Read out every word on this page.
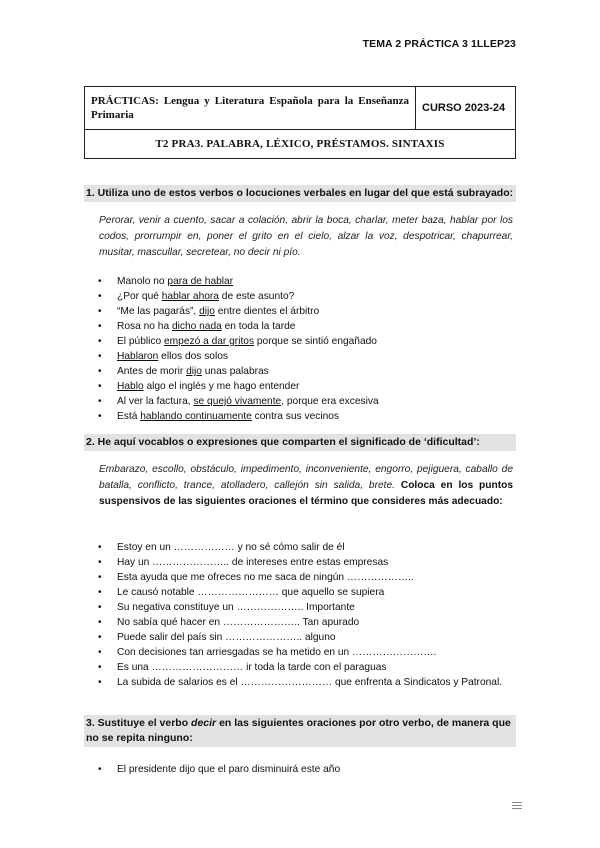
TEMA 2 PRÁCTICA 3 1LLEP23
PRÁCTICAS: Lengua y Literatura Española para la Enseñanza Primaria	CURSO 2023-24
T2 PRA3. PALABRA, LÉXICO, PRÉSTAMOS. SINTAXIS
1. Utiliza uno de estos verbos o locuciones verbales en lugar del que está subrayado:
Perorar, venir a cuento, sacar a colación, abrir la boca, charlar, meter baza, hablar por los codos, prorrumpir en, poner el grito en el cielo, alzar la voz, despotricar, chapurrear, musitar, mascullar, secretear, no decir ni pío.
• Manolo no para de hablar
• ¿Por qué hablar ahora de este asunto?
• “Me las pagarás”, dijo entre dientes el árbitro
• Rosa no ha dicho nada en toda la tarde
• El público empezó a dar gritos porque se sintió engañado
• Hablaron ellos dos solos
• Antes de morir dijo unas palabras
• Hablo algo el inglés y me hago entender
• Al ver la factura, se quejó vivamente, porque era excesiva
• Está hablando continuamente contra sus vecinos
2. He aquí vocablos o expresiones que comparten el significado de ‘dificultad’:
Embarazo, escollo, obstáculo, impedimento, inconveniente, engorro, pejiguera, caballo de batalla, conflicto, trance, atolladero, callejón sin salida, brete. Coloca en los puntos suspensivos de las siguientes oraciones el término que consideres más adecuado:
• Estoy en un ……………… y no sé cómo salir de él
• Hay un ………………….. de intereses entre estas empresas
• Esta ayuda que me ofreces no me saca de ningún ………………..
• Le causó notable …………………… que aquello se supiera
• Su negativa constituye un ……………….. Importante
• No sabía qué hacer en ………………….. Tan apurado
• Puede salir del país sin ………………….. alguno
• Con decisiones tan arriesgadas se ha metido en un …………………….
• Es una ……………………… ir toda la tarde con el paraguas
• La subida de salarios es el ……………………… que enfrenta a Sindicatos y Patronal.
3. Sustituye el verbo decir en las siguientes oraciones por otro verbo, de manera que no se repita ninguno:
• El presidente dijo que el paro disminuirá este año
